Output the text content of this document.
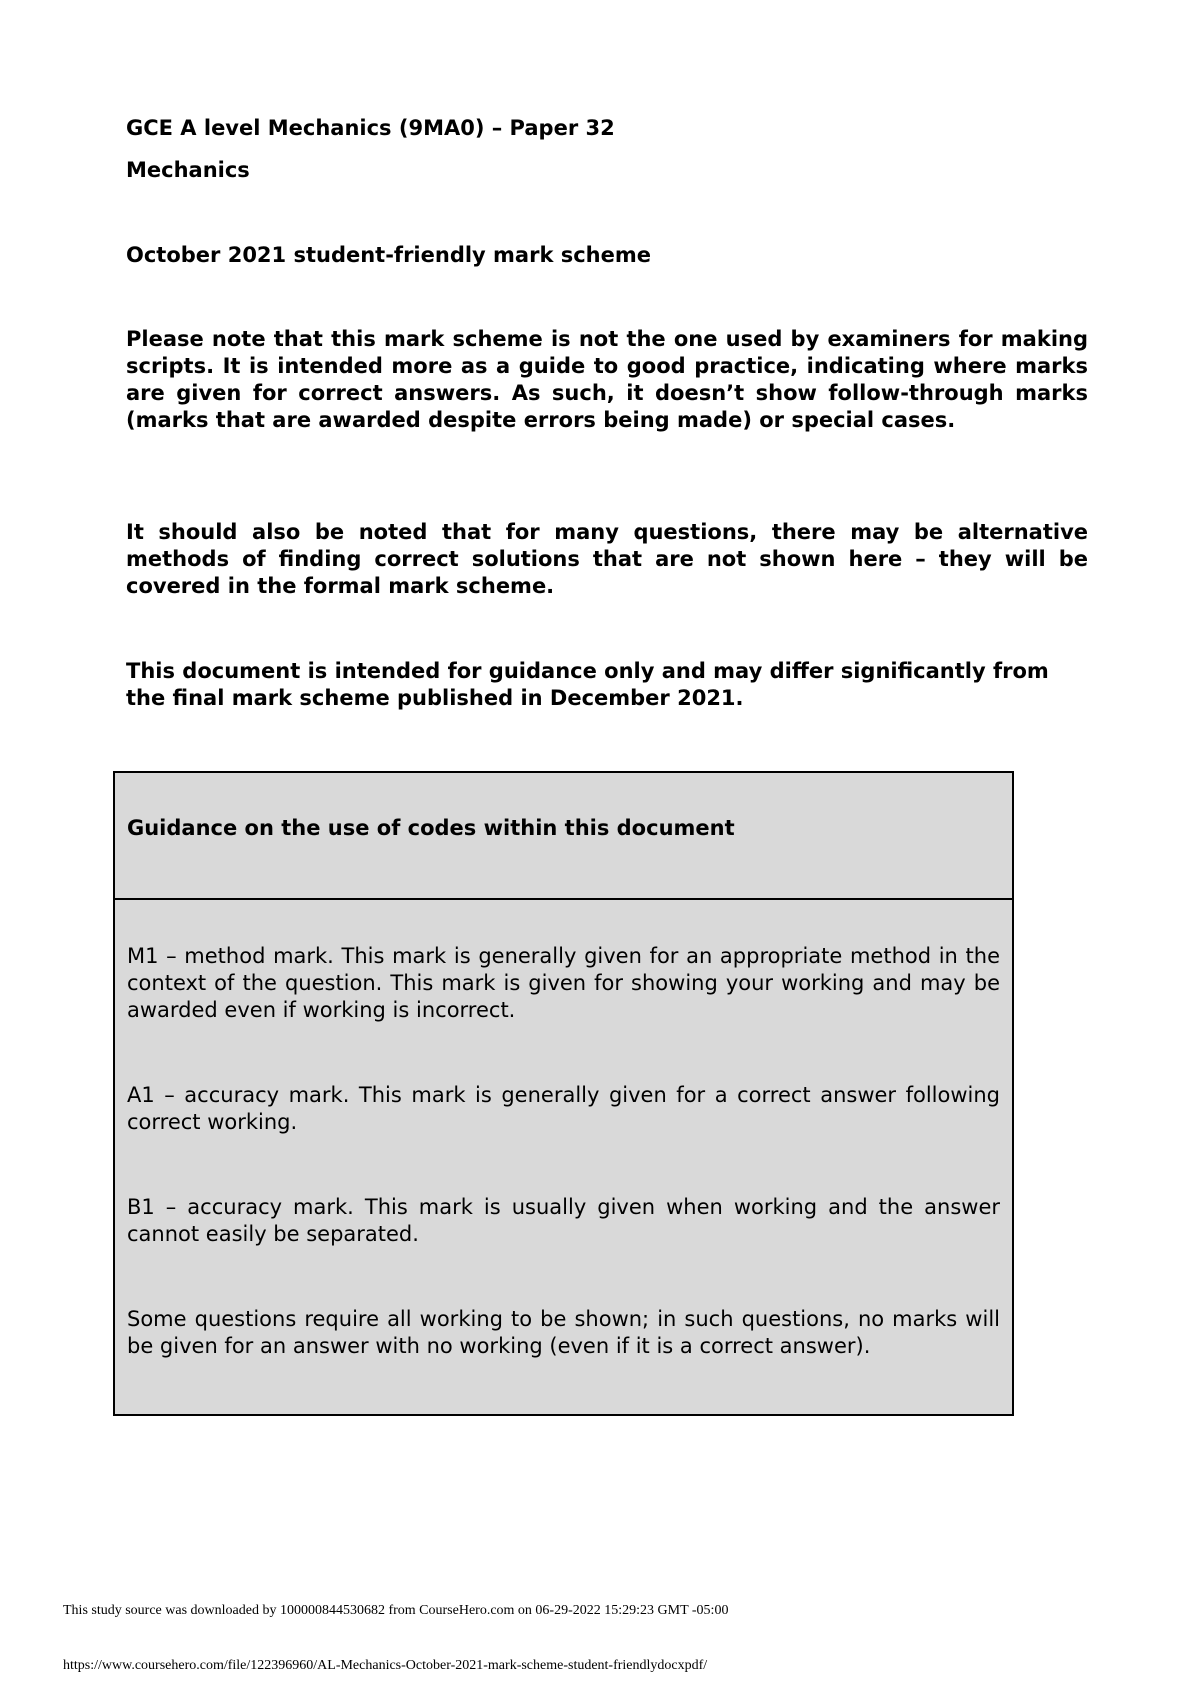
GCE A level Mechanics (9MA0) – Paper 32
Mechanics
October 2021 student-friendly mark scheme
Please note that this mark scheme is not the one used by examiners for making scripts. It is intended more as a guide to good practice, indicating where marks are given for correct answers. As such, it doesn’t show follow-through marks (marks that are awarded despite errors being made) or special cases.
It should also be noted that for many questions, there may be alternative methods of finding correct solutions that are not shown here – they will be covered in the formal mark scheme.
This document is intended for guidance only and may differ significantly from the final mark scheme published in December 2021.
Guidance on the use of codes within this document
M1 – method mark. This mark is generally given for an appropriate method in the context of the question. This mark is given for showing your working and may be awarded even if working is incorrect.
A1 – accuracy mark. This mark is generally given for a correct answer following correct working.
B1 – accuracy mark. This mark is usually given when working and the answer cannot easily be separated.
Some questions require all working to be shown; in such questions, no marks will be given for an answer with no working (even if it is a correct answer).
This study source was downloaded by 100000844530682 from CourseHero.com on 06-29-2022 15:29:23 GMT -05:00
https://www.coursehero.com/file/122396960/AL-Mechanics-October-2021-mark-scheme-student-friendlydocxpdf/
